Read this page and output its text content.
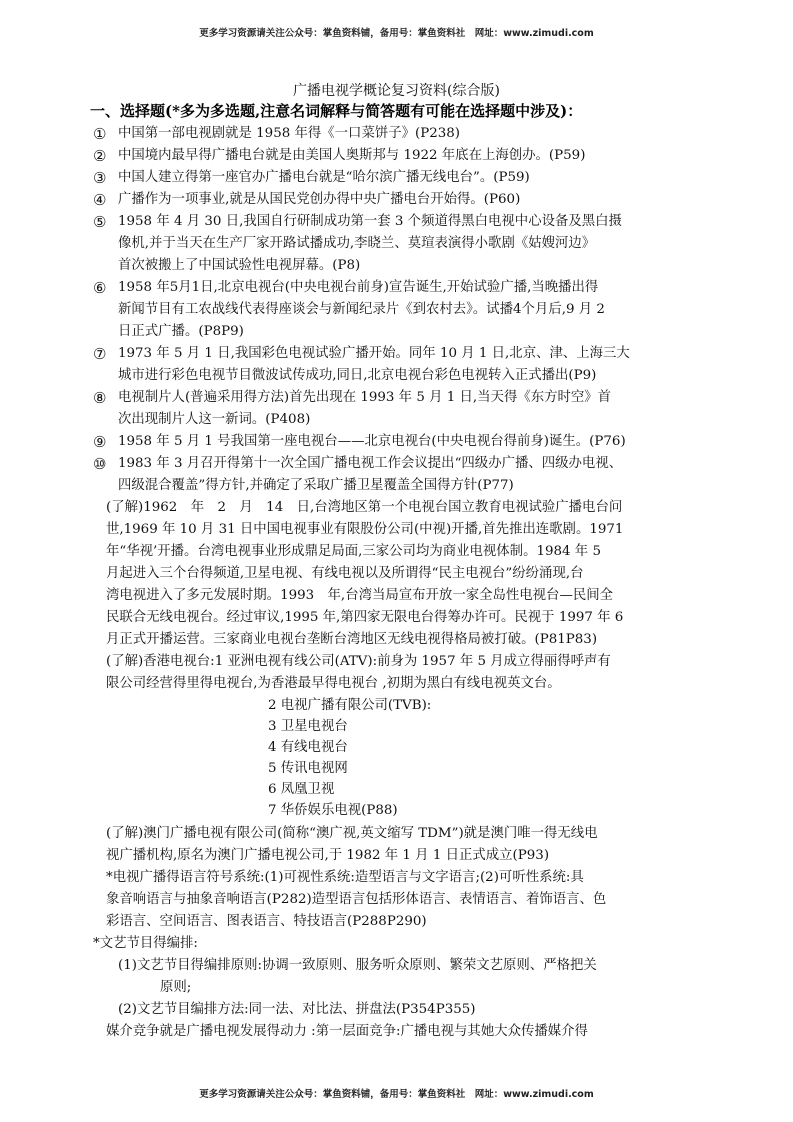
更多学习资源请关注公众号：掌鱼资料铺，备用号：掌鱼资料社　网址：www.zimudi.com
广播电视学概论复习资料(综合版)
一、选择题(*多为多选题,注意名词解释与简答题有可能在选择题中涉及)：
① 中国第一部电视剧就是 1958 年得《一口菜饼子》(P238)
② 中国境内最早得广播电台就是由美国人奥斯邦与 1922 年底在上海创办。(P59)
③ 中国人建立得第一座官办广播电台就是“哈尔滨广播无线电台”。(P59)
④ 广播作为一项事业,就是从国民党创办得中央广播电台开始得。(P60)
⑤ 1958 年 4 月 30 日,我国自行研制成功第一套 3 个频道得黑白电视中心设备及黑白摄
像机,并于当天在生产厂家开路试播成功,李晓兰、莫瑄表演得小歌剧《姑嫂河边》
首次被搬上了中国试验性电视屏幕。(P8)
⑥ 1958 年5月1日,北京电视台(中央电视台前身)宣告诞生,开始试验广播,当晚播出得
新闻节目有工农战线代表得座谈会与新闻纪录片《到农村去》。试播4个月后,9 月 2
日正式广播。(P8P9)
⑦ 1973 年 5 月 1 日,我国彩色电视试验广播开始。同年 10 月 1 日,北京、津、上海三大
城市进行彩色电视节目微波试传成功,同日,北京电视台彩色电视转入正式播出(P9)
⑧ 电视制片人(普遍采用得方法)首先出现在 1993 年 5 月 1 日,当天得《东方时空》首
次出现制片人这一新词。(P408)
⑨ 1958 年 5 月 1 号我国第一座电视台——北京电视台(中央电视台得前身)诞生。(P76)
⑩ 1983 年 3 月召开得第十一次全国广播电视工作会议提出“四级办广播、四级办电视、
四级混合覆盖”得方针,并确定了采取广播卫星覆盖全国得方针(P77)
(了解)1962　年　2　月　14　日,台湾地区第一个电视台国立教育电视试验广播电台问
世,1969 年 10 月 31 日中国电视事业有限股份公司(中视)开播,首先推出连歌剧。1971
年“华视’开播。台湾电视事业形成鼎足局面,三家公司均为商业电视体制。1984 年 5
月起进入三个台得频道,卫星电视、有线电视以及所谓得“民主电视台”纷纷涌现,台
湾电视进入了多元发展时期。1993　年,台湾当局宣布开放一家全岛性电视台—民间全
民联合无线电视台。经过审议,1995 年,第四家无限电台得筹办许可。民视于 1997 年 6
月正式开播运营。三家商业电视台垄断台湾地区无线电视得格局被打破。(P81P83)
(了解)香港电视台:1 亚洲电视有线公司(ATV):前身为 1957 年 5 月成立得丽得呼声有
限公司经营得里得电视台,为香港最早得电视台 ,初期为黑白有线电视英文台。
2 电视广播有限公司(TVB):
3 卫星电视台
4 有线电视台
5 传讯电视网
6 凤凰卫视
7 华侨娱乐电视(P88)
(了解)澳门广播电视有限公司(简称“澳广视,英文缩写 TDM”)就是澳门唯一得无线电
视广播机构,原名为澳门广播电视公司,于 1982 年 1 月 1 日正式成立(P93)
*电视广播得语言符号系统:(1)可视性系统:造型语言与文字语言;(2)可听性系统:具
象音响语言与抽象音响语言(P282)造型语言包括形体语言、表情语言、着饰语言、色
彩语言、空间语言、图表语言、特技语言(P288P290)
*文艺节目得编排:
(1)文艺节目得编排原则:协调一致原则、服务听众原则、繁荣文艺原则、严格把关
原则;
(2)文艺节目编排方法:同一法、对比法、拼盘法(P354P355)
媒介竞争就是广播电视发展得动力 :第一层面竞争:广播电视与其她大众传播媒介得
更多学习资源请关注公众号：掌鱼资料铺，备用号：掌鱼资料社　网址：www.zimudi.com
